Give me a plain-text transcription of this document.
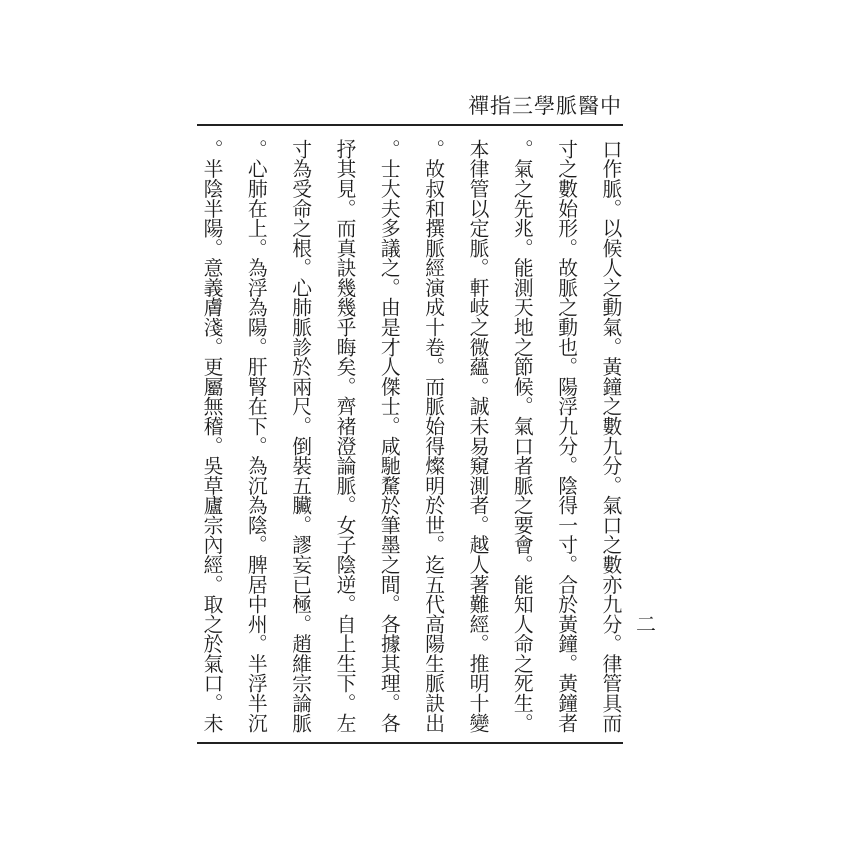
禪指三學脈醫中
口作脈。以候人之動氣。黃鐘之數九分。氣口之數亦九分。律管具而
寸之數始形。故脈之動也。陽浮九分。陰得一寸。合於黃鐘。黃鐘者
。氣之先兆。能測天地之節候。氣口者脈之要會。能知人命之死生。
本律管以定脈。軒岐之微蘊。誠未易窺測者。越人著難經。推明十變
。故叔和撰脈經演成十卷。而脈始得燦明於世。迄五代高陽生脈訣出
。士大夫多議之。由是才人傑士。咸馳騖於筆墨之間。各據其理。各
抒其見。而真訣幾幾乎晦矣。齊褚澄論脈。女子陰逆。自上生下。左
寸為受命之根。心肺脈診於兩尺。倒裝五臟。謬妄已極。趙維宗論脈
。心肺在上。為浮為陽。肝腎在下。為沉為陰。脾居中州。半浮半沉
。半陰半陽。意義膚淺。更屬無稽。吳草廬宗內經。取之於氣口。未	二
